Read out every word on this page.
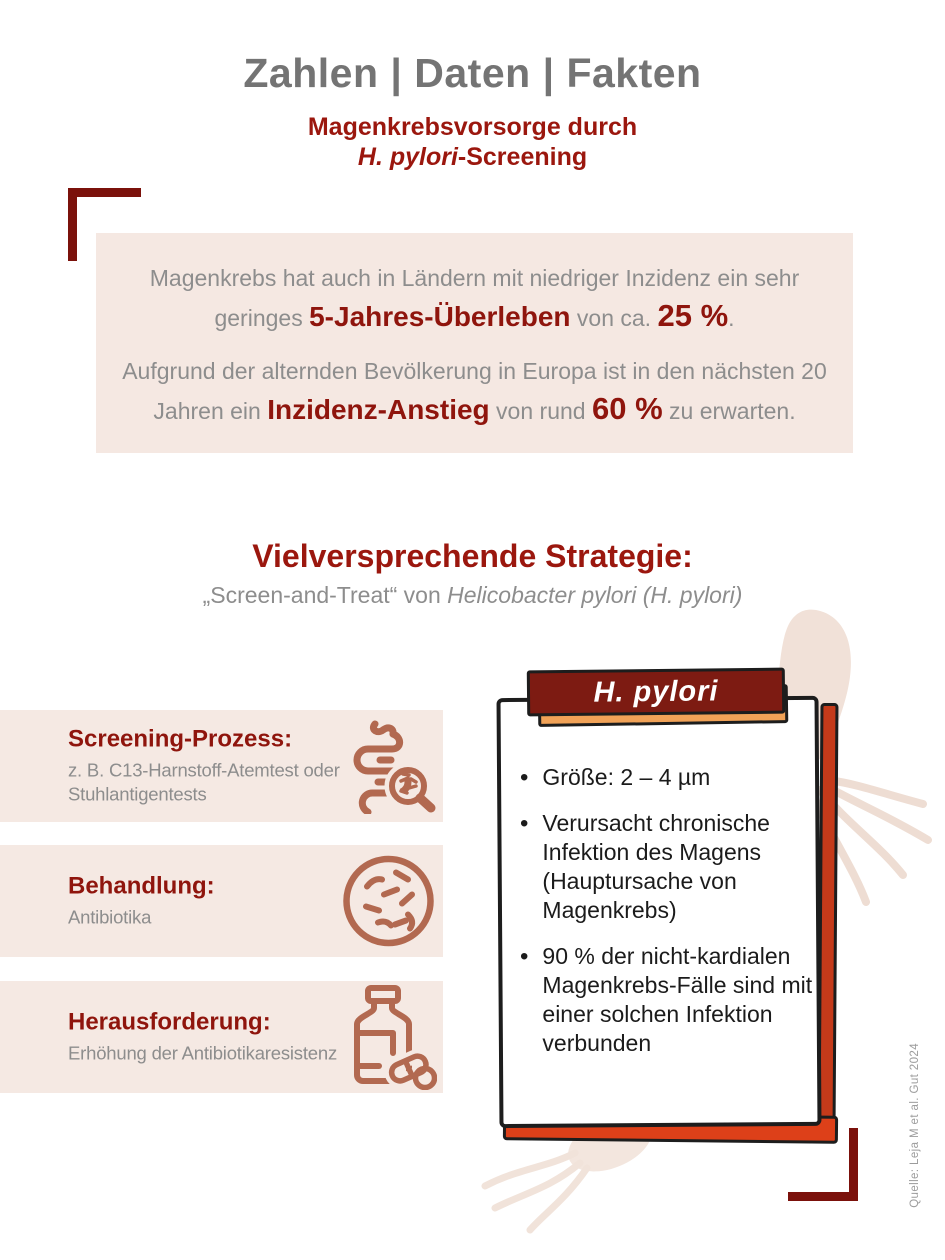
Zahlen | Daten | Fakten
Magenkrebsvorsorge durch
H. pylori-Screening

Magenkrebs hat auch in Ländern mit niedriger Inzidenz ein sehr geringes 5-Jahres-Überleben von ca. 25 %.

Aufgrund der alternden Bevölkerung in Europa ist in den nächsten 20 Jahren ein Inzidenz-Anstieg von rund 60 % zu erwarten.

Vielversprechende Strategie:
„Screen-and-Treat“ von Helicobacter pylori (H. pylori)
Screening-Prozess:
z. B. C13-Harnstoff-Atemtest oder Stuhlantigentests
Behandlung:
Antibiotika
Herausforderung:
Erhöhung der Antibiotikaresistenz
H. pylori
• Größe: 2 – 4 µm
• Verursacht chronische Infektion des Magens (Hauptursache von Magenkrebs)
• 90 % der nicht-kardialen Magenkrebs-Fälle sind mit einer solchen Infektion verbunden
Quelle: Leja M et al. Gut 2024
